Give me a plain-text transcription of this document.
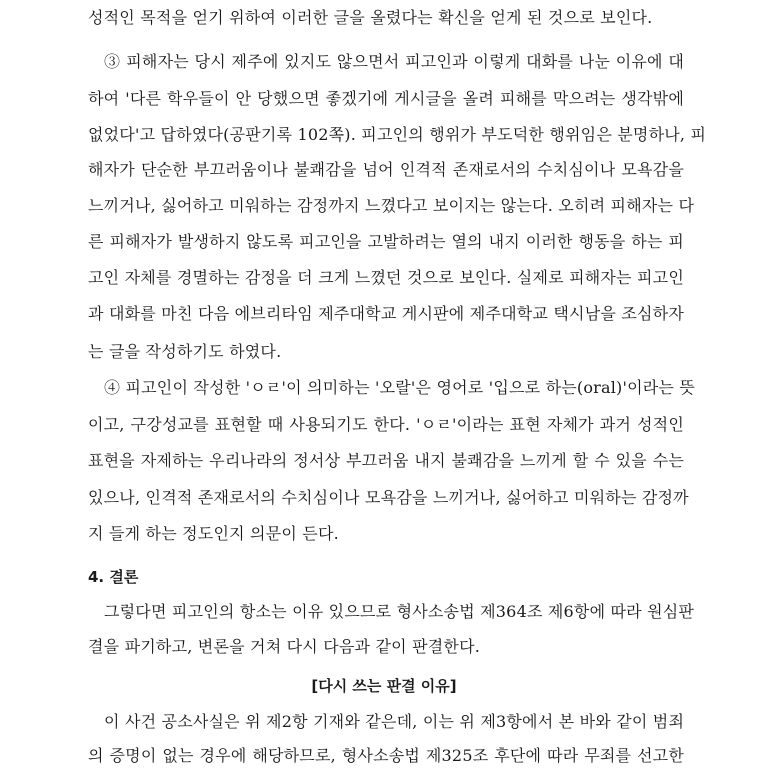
성적인 목적을 얻기 위하여 이러한 글을 올렸다는 확신을 얻게 된 것으로 보인다.
③ 피해자는 당시 제주에 있지도 않으면서 피고인과 이렇게 대화를 나눈 이유에 대
하여 '다른 학우들이 안 당했으면 좋겠기에 게시글을 올려 피해를 막으려는 생각밖에
없었다'고 답하였다(공판기록 102쪽). 피고인의 행위가 부도덕한 행위임은 분명하나, 피
해자가 단순한 부끄러움이나 불쾌감을 넘어 인격적 존재로서의 수치심이나 모욕감을
느끼거나, 싫어하고 미워하는 감정까지 느꼈다고 보이지는 않는다. 오히려 피해자는 다
른 피해자가 발생하지 않도록 피고인을 고발하려는 열의 내지 이러한 행동을 하는 피
고인 자체를 경멸하는 감정을 더 크게 느꼈던 것으로 보인다. 실제로 피해자는 피고인
과 대화를 마친 다음 에브리타임 제주대학교 게시판에 제주대학교 택시남을 조심하자
는 글을 작성하기도 하였다.
④ 피고인이 작성한 'ㅇㄹ'이 의미하는 '오랄'은 영어로 '입으로 하는(oral)'이라는 뜻
이고, 구강성교를 표현할 때 사용되기도 한다. 'ㅇㄹ'이라는 표현 자체가 과거 성적인
표현을 자제하는 우리나라의 정서상 부끄러움 내지 불쾌감을 느끼게 할 수 있을 수는
있으나, 인격적 존재로서의 수치심이나 모욕감을 느끼거나, 싫어하고 미워하는 감정까
지 들게 하는 정도인지 의문이 든다.
4. 결론
그렇다면 피고인의 항소는 이유 있으므로 형사소송법 제364조 제6항에 따라 원심판
결을 파기하고, 변론을 거쳐 다시 다음과 같이 판결한다.
[다시 쓰는 판결 이유]
이 사건 공소사실은 위 제2항 기재와 같은데, 이는 위 제3항에서 본 바와 같이 범죄
의 증명이 없는 경우에 해당하므로, 형사소송법 제325조 후단에 따라 무죄를 선고한
